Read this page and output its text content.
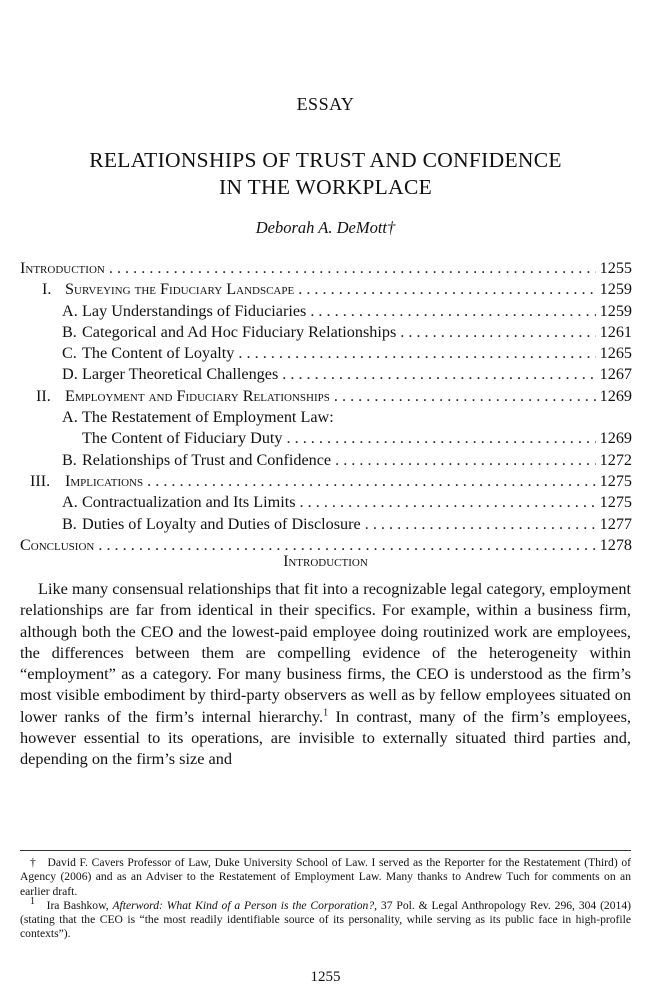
ESSAY
RELATIONSHIPS OF TRUST AND CONFIDENCE
IN THE WORKPLACE
Deborah A. DeMott†
Introduction . . .	1255
I. Surveying the Fiduciary Landscape . . .	1259
A. Lay Understandings of Fiduciaries . . .	1259
B. Categorical and Ad Hoc Fiduciary Relationships . . .	1261
C. The Content of Loyalty . . .	1265
D. Larger Theoretical Challenges . . .	1267
II. Employment and Fiduciary Relationships . . .	1269
A. The Restatement of Employment Law:
The Content of Fiduciary Duty . . .	1269
B. Relationships of Trust and Confidence . . .	1272
III. Implications . . .	1275
A. Contractualization and Its Limits . . .	1275
B. Duties of Loyalty and Duties of Disclosure . . .	1277
Conclusion . . .	1278
Introduction

Like many consensual relationships that fit into a recognizable legal category, employment relationships are far from identical in their specifics. For example, within a business firm, although both the CEO and the lowest-paid employee doing routinized work are employees, the differences between them are compelling evidence of the heterogeneity within “employment” as a category. For many business firms, the CEO is understood as the firm’s most visible embodiment by third-party observers as well as by fellow employees situated on lower ranks of the firm’s internal hierarchy.$^1$ In contrast, many of the firm’s employees, however essential to its operations, are invisible to externally situated third parties and, depending on the firm’s size and

† David F. Cavers Professor of Law, Duke University School of Law. I served as the Reporter for the Restatement (Third) of Agency (2006) and as an Adviser to the Restatement of Employment Law. Many thanks to Andrew Tuch for comments on an earlier draft.

$^1$ Ira Bashkow, Afterword: What Kind of a Person is the Corporation?, 37 Pol. & Legal Anthropology Rev. 296, 304 (2014) (stating that the CEO is “the most readily identifiable source of its personality, while serving as its public face in high-profile contexts”).

1255
